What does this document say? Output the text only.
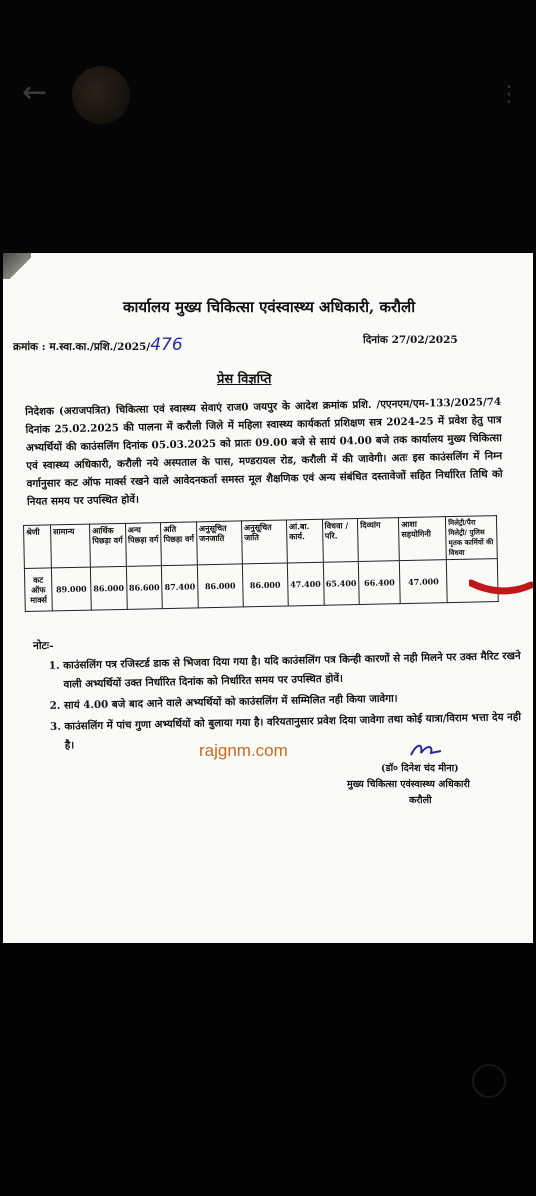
←	⋮
कार्यालय मुख्य चिकित्सा एवंस्वास्थ्य अधिकारी, करौली
क्रमांक : म.स्वा.का./प्रशि./2025/476	दिनांक 27/02/2025
प्रेस विज्ञप्ति
निदेशक (अराजपत्रित) चिकित्सा एवं स्वास्थ्य सेवाएं राज0 जयपुर के आदेश क्रमांक प्रशि. /एएनएम/एम-133/2025/74 दिनांक 25.02.2025 की पालना में करौली जिले में महिला स्वास्थ्य कार्यकर्ता प्रशिक्षण सत्र 2024-25 में प्रवेश हेतु पात्र अभ्यर्थियों की काउंसलिंग दिनांक 05.03.2025 को प्रातः 09.00 बजे से सायं 04.00 बजे तक कार्यालय मुख्य चिकित्सा एवं स्वास्थ्य अधिकारी, करौली नये अस्पताल के पास, मण्डरायल रोड, करौली में की जावेगी। अतः इस काउंसलिंग में निम्न वर्गानुसार कट ऑफ मार्क्स रखने वाले आवेदनकर्ता समस्त मूल शैक्षणिक एवं अन्य संबंधित दस्तावेजों सहित निर्धारित तिथि को नियत समय पर उपस्थित होवें।
श्रेणी	सामान्य	आर्थिक पिछड़ा वर्ग	अन्य पिछड़ा वर्ग	अति पिछड़ा वर्ग	अनुसूचित जनजाति	अनुसूचित जाति	आं.बा. कार्य.	विधवा /परि.	दिव्यांग	आशा सहयोगिनी	मिलेट्री/पैरा मिलेट्री/ पुलिस मृतक कार्मियों की विधवा
कट ऑफ मार्क्स	89.000	86.000	86.600	87.400	86.000	86.000	47.400	65.400	66.400	47.000	
नोटः-
1. काउंसलिंग पत्र रजिस्टर्ड डाक से भिजवा दिया गया है। यदि काउंसलिंग पत्र किन्ही कारणों से नही मिलने पर उक्त मैरिट रखने वाली अभ्यर्थियों उक्त निर्धारित दिनांक को निर्धारित समय पर उपस्थित होवें।
2. सायं 4.00 बजे बाद आने वाले अभ्यर्थियों को काउंसलिंग में सम्मिलित नही किया जावेगा।
3. काउंसलिंग में पांच गुणा अभ्यर्थियों को बुलाया गया है। वरियतानुसार प्रवेश दिया जावेगा तथा कोई यात्रा/विराम भत्ता देय नही है।	rajgnm.com
(डॉ० दिनेश चंद मीना)
मुख्य चिकित्सा एवंस्वास्थ्य अधिकारी
करौली
